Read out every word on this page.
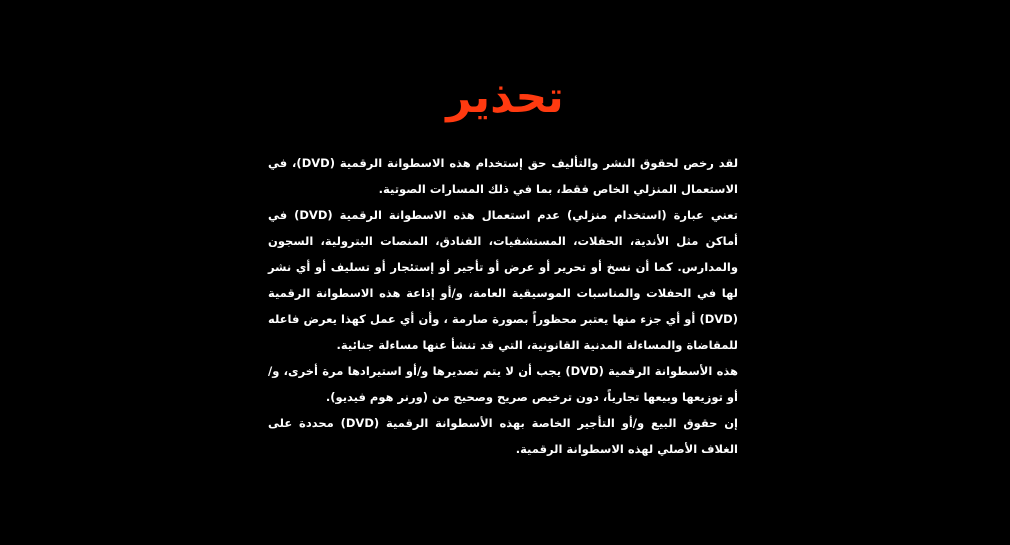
تحذير

لقد رخص لحقوق النشر والتأليف حق إستخدام هذه الاسطوانة الرقمية (DVD)، في الاستعمال المنزلي الخاص فقط، بما في ذلك المسارات الصوتية.

تعني عبارة (استخدام منزلي) عدم استعمال هذه الاسطوانة الرقمية (DVD) في أماكن مثل الأندية، الحفلات، المستشفيات، الفنادق، المنصات البترولية، السجون والمدارس. كما أن نسخ أو تحرير أو عرض أو تأجير أو إستئجار أو تسليف أو أي نشر لها في الحفلات والمناسبات الموسيقية العامة، و/أو إذاعة هذه الاسطوانة الرقمية (DVD) أو أي جزء منها يعتبر محظوراً بصورة صارمة ، وأن أي عمل كهذا يعرض فاعله للمقاضاة والمساءلة المدنية القانونية، التي قد تنشأ عنها مساءلة جنائية.

هذه الأسطوانة الرقمية (DVD) يجب أن لا يتم تصديرها و/أو استيرادها مرة أخرى، و/أو توزيعها وبيعها تجارياً، دون ترخيص صريح وصحيح من (ورنر هوم فيديو).

إن حقوق البيع و/أو التأجير الخاصة بهذه الأسطوانة الرقمية (DVD) محددة على الغلاف الأصلي لهذه الاسطوانة الرقمية.
